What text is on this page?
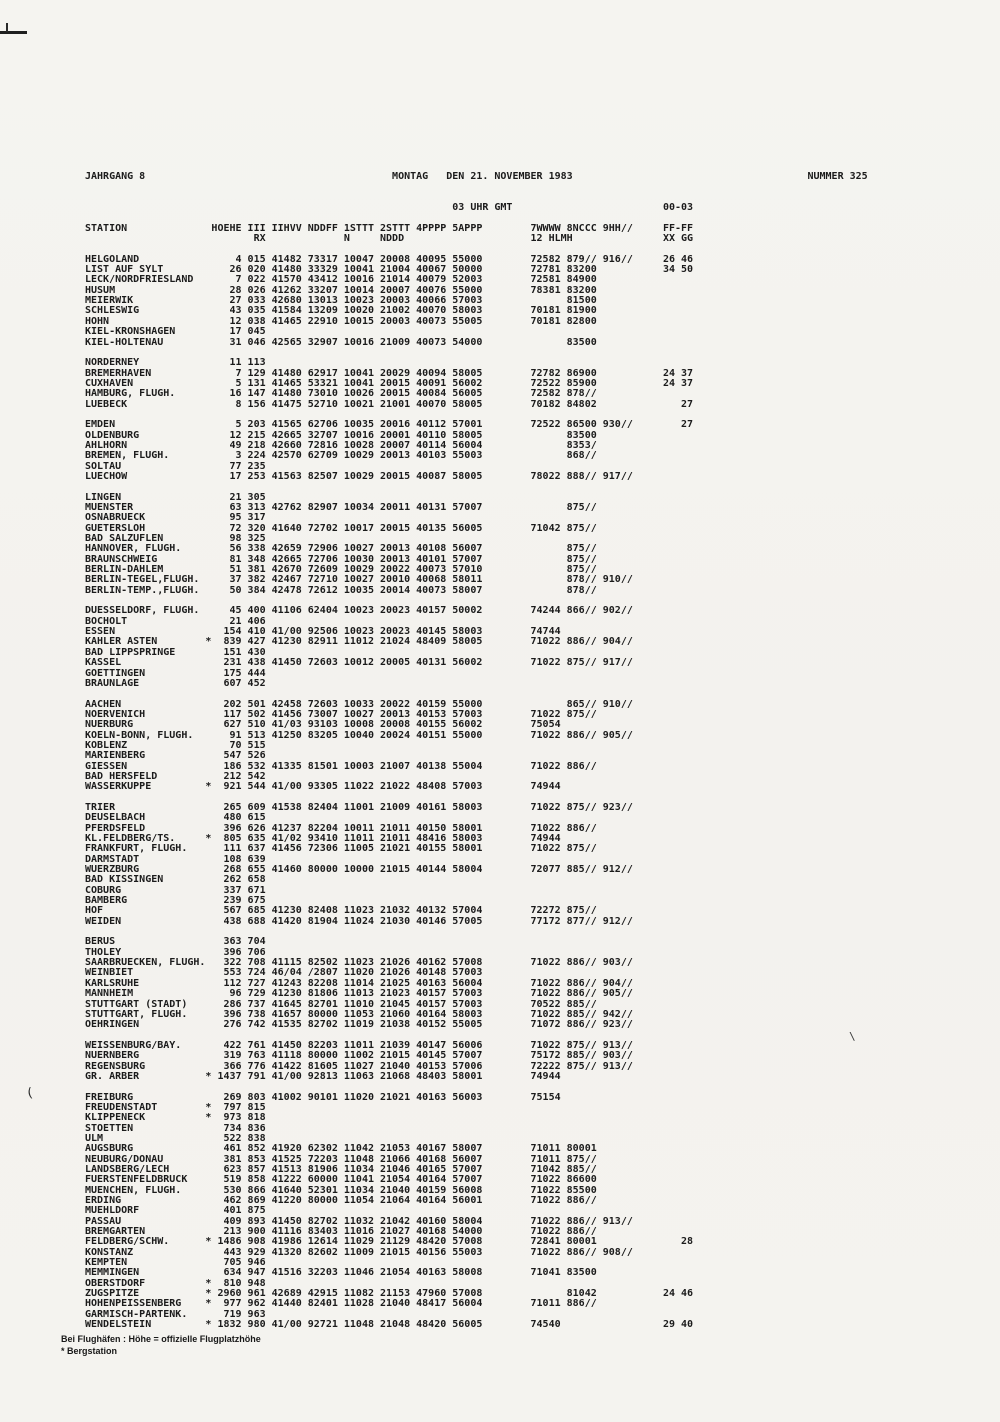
(
\
JAHRGANG 8                                         MONTAG   DEN 21. NOVEMBER 1983                                       NUMMER 325
03 UHR GMT                         00-03
STATION              HOEHE III IIHVV NDDFF 1STTT 2STTT 4PPPP 5APPP        7WWWW 8NCCC 9HH//     FF-FF
RX             N     NDDD                     12 HLMH               XX GG
HELGOLAND                4 015 41482 73317 10047 20008 40095 55000        72582 879// 916//     26 46
LIST AUF SYLT           26 020 41480 33329 10041 21004 40067 50000        72781 83200           34 50
LECK/NORDFRIESLAND       7 022 41570 43412 10016 21014 40079 52003        72581 84900
HUSUM                   28 026 41262 33207 10014 20007 40076 55000        78381 83200
MEIERWIK                27 033 42680 13013 10023 20003 40066 57003              81500
SCHLESWIG               43 035 41584 13209 10020 21002 40070 58003        70181 81900
HOHN                    12 038 41465 22910 10015 20003 40073 55005        70181 82800
KIEL-KRONSHAGEN         17 045
KIEL-HOLTENAU           31 046 42565 32907 10016 21009 40073 54000              83500
NORDERNEY               11 113
BREMERHAVEN              7 129 41480 62917 10041 20029 40094 58005        72782 86900           24 37
CUXHAVEN                 5 131 41465 53321 10041 20015 40091 56002        72522 85900           24 37
HAMBURG, FLUGH.         16 147 41480 73010 10026 20015 40084 56005        72582 878//
LUEBECK                  8 156 41475 52710 10021 21001 40070 58005        70182 84802              27
EMDEN                    5 203 41565 62706 10035 20016 40112 57001        72522 86500 930//        27
OLDENBURG               12 215 42665 32707 10016 20001 40110 58005              83500
AHLHORN                 49 218 42660 72816 10028 20007 40114 56004              8353/
BREMEN, FLUGH.           3 224 42570 62709 10029 20013 40103 55003              868//
SOLTAU                  77 235
LUECHOW                 17 253 41563 82507 10029 20015 40087 58005        78022 888// 917//
LINGEN                  21 305
MUENSTER                63 313 42762 82907 10034 20011 40131 57007              875//
OSNABRUECK              95 317
GUETERSLOH              72 320 41640 72702 10017 20015 40135 56005        71042 875//
BAD SALZUFLEN           98 325
HANNOVER, FLUGH.        56 338 42659 72906 10027 20013 40108 56007              875//
BRAUNSCHWEIG            81 348 42665 72706 10030 20013 40101 57007              875//
BERLIN-DAHLEM           51 381 42670 72609 10029 20022 40073 57010              875//
BERLIN-TEGEL,FLUGH.     37 382 42467 72710 10027 20010 40068 58011              878// 910//
BERLIN-TEMP.,FLUGH.     50 384 42478 72612 10035 20014 40073 58007              878//
DUESSELDORF, FLUGH.     45 400 41106 62404 10023 20023 40157 50002        74244 866// 902//
BOCHOLT                 21 406
ESSEN                  154 410 41/00 92506 10023 20023 40145 58003        74744
KAHLER ASTEN        *  839 427 41230 82911 11012 21024 48409 58005        71022 886// 904//
BAD LIPPSPRINGE        151 430
KASSEL                 231 438 41450 72603 10012 20005 40131 56002        71022 875// 917//
GOETTINGEN             175 444
BRAUNLAGE              607 452
AACHEN                 202 501 42458 72603 10033 20022 40159 55000              865// 910//
NOERVENICH             117 502 41456 73007 10027 20013 40153 57003        71022 875//
NUERBURG               627 510 41/03 93103 10008 20008 40155 56002        75054
KOELN-BONN, FLUGH.      91 513 41250 83205 10040 20024 40151 55000        71022 886// 905//
KOBLENZ                 70 515
MARIENBERG             547 526
GIESSEN                186 532 41335 81501 10003 21007 40138 55004        71022 886//
BAD HERSFELD           212 542
WASSERKUPPE         *  921 544 41/00 93305 11022 21022 48408 57003        74944
TRIER                  265 609 41538 82404 11001 21009 40161 58003        71022 875// 923//
DEUSELBACH             480 615
PFERDSFELD             396 626 41237 82204 10011 21011 40150 58001        71022 886//
KL.FELDBERG/TS.     *  805 635 41/02 93410 11011 21011 48416 58003        74944
FRANKFURT, FLUGH.      111 637 41456 72306 11005 21021 40155 58001        71022 875//
DARMSTADT              108 639
WUERZBURG              268 655 41460 80000 10000 21015 40144 58004        72077 885// 912//
BAD KISSINGEN          262 658
COBURG                 337 671
BAMBERG                239 675
HOF                    567 685 41230 82408 11023 21032 40132 57004        72272 875//
WEIDEN                 438 688 41420 81904 11024 21030 40146 57005        77172 877// 912//
BERUS                  363 704
THOLEY                 396 706
SAARBRUECKEN, FLUGH.   322 708 41115 82502 11023 21026 40162 57008        71022 886// 903//
WEINBIET               553 724 46/04 /2807 11020 21026 40148 57003
KARLSRUHE              112 727 41243 82208 11014 21025 40163 56004        71022 886// 904//
MANNHEIM                96 729 41230 81806 11013 21023 40157 57003        71022 886// 905//
STUTTGART (STADT)      286 737 41645 82701 11010 21045 40157 57003        70522 885//
STUTTGART, FLUGH.      396 738 41657 80000 11053 21060 40164 58003        71022 885// 942//
OEHRINGEN              276 742 41535 82702 11019 21038 40152 55005        71072 886// 923//
WEISSENBURG/BAY.       422 761 41450 82203 11011 21039 40147 56006        71022 875// 913//
NUERNBERG              319 763 41118 80000 11002 21015 40145 57007        75172 885// 903//
REGENSBURG             366 776 41422 81605 11027 21040 40153 57006        72222 875// 913//
GR. ARBER           * 1437 791 41/00 92813 11063 21068 48403 58001        74944
FREIBURG               269 803 41002 90101 11020 21021 40163 56003        75154
FREUDENSTADT        *  797 815
KLIPPENECK          *  973 818
STOETTEN               734 836
ULM                    522 838
AUGSBURG               461 852 41920 62302 11042 21053 40167 58007        71011 80001
NEUBURG/DONAU          381 853 41525 72203 11048 21066 40168 56007        71011 875//
LANDSBERG/LECH         623 857 41513 81906 11034 21046 40165 57007        71042 885//
FUERSTENFELDBRUCK      519 858 41222 60000 11041 21054 40164 57007        71022 86600
MUENCHEN, FLUGH.       530 866 41640 52301 11034 21040 40159 56008        71022 85500
ERDING                 462 869 41220 80000 11054 21064 40164 56001        71022 886//
MUEHLDORF              401 875
PASSAU                 409 893 41450 82702 11032 21042 40160 58004        71022 886// 913//
BREMGARTEN             213 900 41116 83403 11016 21027 40168 54000        71022 886//
FELDBERG/SCHW.      * 1486 908 41986 12614 11029 21129 48420 57008        72841 80001              28
KONSTANZ               443 929 41320 82602 11009 21015 40156 55003        71022 886// 908//
KEMPTEN                705 946
MEMMINGEN              634 947 41516 32203 11046 21054 40163 58008        71041 83500
OBERSTDORF          *  810 948
ZUGSPITZE           * 2960 961 42689 42915 11082 21153 47960 57008              81042           24 46
HOHENPEISSENBERG    *  977 962 41440 82401 11028 21040 48417 56004        71011 886//
GARMISCH-PARTENK.      719 963
WENDELSTEIN         * 1832 980 41/00 92721 11048 21048 48420 56005        74540                 29 40
Bei Flughäfen : Höhe = offizielle Flugplatzhöhe
* Bergstation
